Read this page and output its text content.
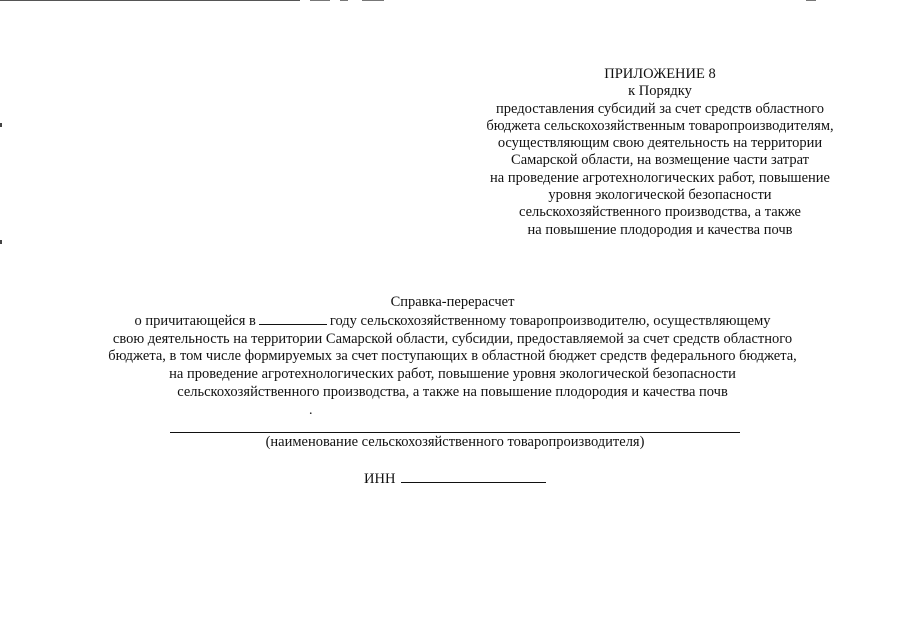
ПРИЛОЖЕНИЕ 8
к Порядку
предоставления субсидий за счет средств областного
бюджета сельскохозяйственным товаропроизводителям,
осуществляющим свою деятельность на территории
Самарской области, на возмещение части затрат
на проведение агротехнологических работ, повышение
уровня экологической безопасности
сельскохозяйственного производства, а также
на повышение плодородия и качества почв
Справка-перерасчет
о причитающейся в	году сельскохозяйственному товаропроизводителю, осуществляющему
свою деятельность на территории Самарской области, субсидии, предоставляемой за счет средств областного
бюджета, в том числе формируемых за счет поступающих в областной бюджет средств федерального бюджета,
на проведение агротехнологических работ, повышение уровня экологической безопасности
сельскохозяйственного производства, а также на повышение плодородия и качества почв
.
(наименование сельскохозяйственного товаропроизводителя)
ИНН
